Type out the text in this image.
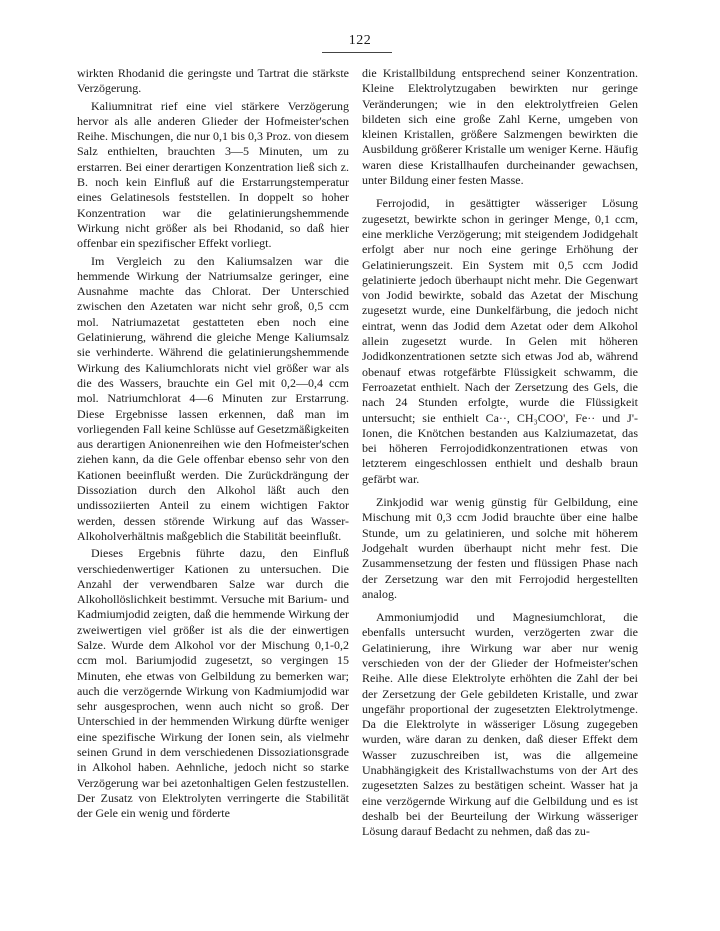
122

wirkten Rhodanid die geringste und Tartrat die stärkste Verzögerung.

Kaliumnitrat rief eine viel stärkere Verzögerung hervor als alle anderen Glieder der Hofmeister'schen Reihe. Mischungen, die nur 0,1 bis 0,3 Proz. von diesem Salz enthielten, brauchten 3—5 Minuten, um zu erstarren. Bei einer derartigen Konzentration ließ sich z. B. noch kein Einfluß auf die Erstarrungstemperatur eines Gelatinesols feststellen. In doppelt so hoher Konzentration war die gelatinierungshemmende Wirkung nicht größer als bei Rhodanid, so daß hier offenbar ein spezifischer Effekt vorliegt.

Im Vergleich zu den Kaliumsalzen war die hemmende Wirkung der Natriumsalze geringer, eine Ausnahme machte das Chlorat. Der Unterschied zwischen den Azetaten war nicht sehr groß, 0,5 ccm mol. Natriumazetat gestatteten eben noch eine Gelatinierung, während die gleiche Menge Kaliumsalz sie verhinderte. Während die gelatinierungshemmende Wirkung des Kaliumchlorats nicht viel größer war als die des Wassers, brauchte ein Gel mit 0,2—0,4 ccm mol. Natriumchlorat 4—6 Minuten zur Erstarrung. Diese Ergebnisse lassen erkennen, daß man im vorliegenden Fall keine Schlüsse auf Gesetzmäßigkeiten aus derartigen Anionenreihen wie den Hofmeister'schen ziehen kann, da die Gele offenbar ebenso sehr von den Kationen beeinflußt werden. Die Zurückdrängung der Dissoziation durch den Alkohol läßt auch den undissoziierten Anteil zu einem wichtigen Faktor werden, dessen störende Wirkung auf das Wasser-Alkoholverhältnis maßgeblich die Stabilität beeinflußt.

Dieses Ergebnis führte dazu, den Einfluß verschiedenwertiger Kationen zu untersuchen. Die Anzahl der verwendbaren Salze war durch die Alkohollöslichkeit bestimmt. Versuche mit Barium- und Kadmiumjodid zeigten, daß die hemmende Wirkung der zweiwertigen viel größer ist als die der einwertigen Salze. Wurde dem Alkohol vor der Mischung 0,1-0,2 ccm mol. Bariumjodid zugesetzt, so vergingen 15 Minuten, ehe etwas von Gelbildung zu bemerken war; auch die verzögernde Wirkung von Kadmiumjodid war sehr ausgesprochen, wenn auch nicht so groß. Der Unterschied in der hemmenden Wirkung dürfte weniger eine spezifische Wirkung der Ionen sein, als vielmehr seinen Grund in dem verschiedenen Dissoziationsgrade in Alkohol haben. Aehnliche, jedoch nicht so starke Verzögerung war bei azetonhaltigen Gelen festzustellen. Der Zusatz von Elektrolyten verringerte die Stabilität der Gele ein wenig und förderte

die Kristallbildung entsprechend seiner Konzentration. Kleine Elektrolytzugaben bewirkten nur geringe Veränderungen; wie in den elektrolytfreien Gelen bildeten sich eine große Zahl Kerne, umgeben von kleinen Kristallen, größere Salzmengen bewirkten die Ausbildung größerer Kristalle um weniger Kerne. Häufig waren diese Kristallhaufen durcheinander gewachsen, unter Bildung einer festen Masse.

Ferrojodid, in gesättigter wässeriger Lösung zugesetzt, bewirkte schon in geringer Menge, 0,1 ccm, eine merkliche Verzögerung; mit steigendem Jodidgehalt erfolgt aber nur noch eine geringe Erhöhung der Gelatinierungszeit. Ein System mit 0,5 ccm Jodid gelatinierte jedoch überhaupt nicht mehr. Die Gegenwart von Jodid bewirkte, sobald das Azetat der Mischung zugesetzt wurde, eine Dunkelfärbung, die jedoch nicht eintrat, wenn das Jodid dem Azetat oder dem Alkohol allein zugesetzt wurde. In Gelen mit höheren Jodidkonzentrationen setzte sich etwas Jod ab, während obenauf etwas rotgefärbte Flüssigkeit schwamm, die Ferroazetat enthielt. Nach der Zersetzung des Gels, die nach 24 Stunden erfolgte, wurde die Flüssigkeit untersucht; sie enthielt Ca··, CH₃COO', Fe·· und J'-Ionen, die Knötchen bestanden aus Kalziumazetat, das bei höheren Ferrojodidkonzentrationen etwas von letzterem eingeschlossen enthielt und deshalb braun gefärbt war.

Zinkjodid war wenig günstig für Gelbildung, eine Mischung mit 0,3 ccm Jodid brauchte über eine halbe Stunde, um zu gelatinieren, und solche mit höherem Jodgehalt wurden überhaupt nicht mehr fest. Die Zusammensetzung der festen und flüssigen Phase nach der Zersetzung war den mit Ferrojodid hergestellten analog.

Ammoniumjodid und Magnesiumchlorat, die ebenfalls untersucht wurden, verzögerten zwar die Gelatinierung, ihre Wirkung war aber nur wenig verschieden von der der Glieder der Hofmeister'schen Reihe. Alle diese Elektrolyte erhöhten die Zahl der bei der Zersetzung der Gele gebildeten Kristalle, und zwar ungefähr proportional der zugesetzten Elektrolytmenge. Da die Elektrolyte in wässeriger Lösung zugegeben wurden, wäre daran zu denken, daß dieser Effekt dem Wasser zuzuschreiben ist, was die allgemeine Unabhängigkeit des Kristallwachstums von der Art des zugesetzten Salzes zu bestätigen scheint. Wasser hat ja eine verzögernde Wirkung auf die Gelbildung und es ist deshalb bei der Beurteilung der Wirkung wässeriger Lösung darauf Bedacht zu nehmen, daß das zu-
